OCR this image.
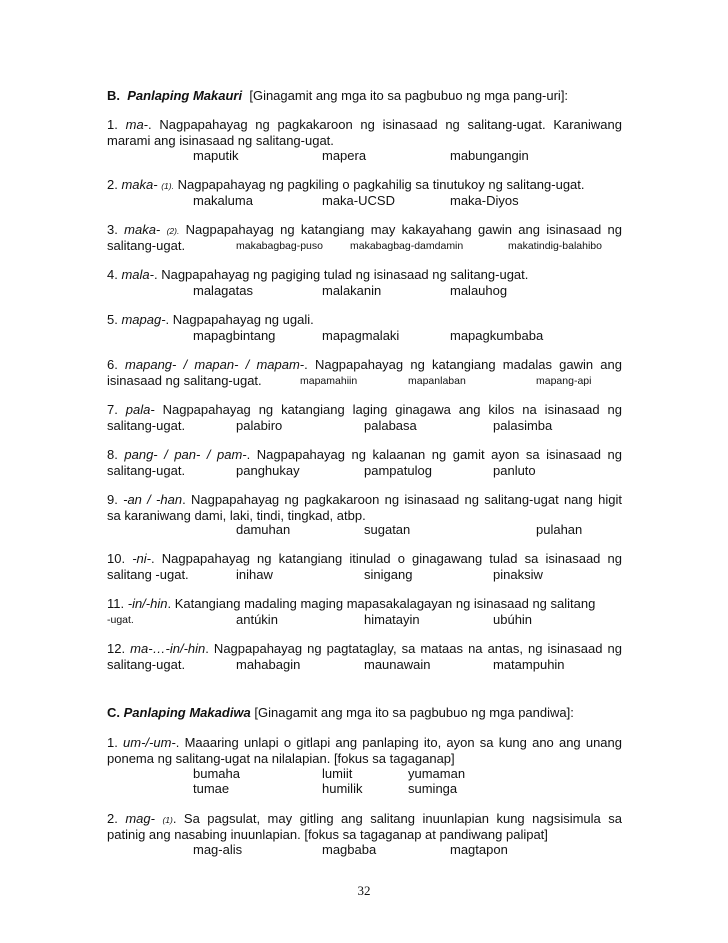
B. Panlaping Makauri [Ginagamit ang mga ito sa pagbubuo ng mga pang-uri]:
1. ma-. Nagpapahayag ng pagkakaroon ng isinasaad ng salitang-ugat. Karaniwang
marami ang isinasaad ng salitang-ugat.
maputik	mapera	mabungangin
2. maka- (1). Nagpapahayag ng pagkiling o pagkahilig sa tinutukoy ng salitang-ugat.
makaluma	maka-UCSD	maka-Diyos
3. maka- (2). Nagpapahayag ng katangiang may kakayahang gawin ang isinasaad ng
salitang-ugat.	makabagbag-puso	makabagbag-damdamin	makatindig-balahibo
4. mala-. Nagpapahayag ng pagiging tulad ng isinasaad ng salitang-ugat.
malagatas	malakanin	malauhog
5. mapag-. Nagpapahayag ng ugali.
mapagbintang	mapagmalaki	mapagkumbaba
6. mapang- / mapan- / mapam-. Nagpapahayag ng katangiang madalas gawin ang
isinasaad ng salitang-ugat.	mapamahiin	mapanlaban	mapang-api
7. pala- Nagpapahayag ng katangiang laging ginagawa ang kilos na isinasaad ng
salitang-ugat.	palabiro	palabasa	palasimba
8. pang- / pan- / pam-. Nagpapahayag ng kalaanan ng gamit ayon sa isinasaad ng
salitang-ugat.	panghukay	pampatulog	panluto
9. -an / -han. Nagpapahayag ng pagkakaroon ng isinasaad ng salitang-ugat nang higit
sa karaniwang dami, laki, tindi, tingkad, atbp.
damuhan	sugatan	pulahan
10. -ni-. Nagpapahayag ng katangiang itinulad o ginagawang tulad sa isinasaad ng
salitang -ugat.	inihaw	sinigang	pinaksiw
11. -in/-hin. Katangiang madaling maging mapasakalagayan ng isinasaad ng salitang
-ugat.	antúkin	himatayin	ubúhin
12. ma-…-in/-hin. Nagpapahayag ng pagtataglay, sa mataas na antas, ng isinasaad ng
salitang-ugat.	mahabagin	maunawain	matampuhin
C. Panlaping Makadiwa [Ginagamit ang mga ito sa pagbubuo ng mga pandiwa]:
1. um-/-um-. Maaaring unlapi o gitlapi ang panlaping ito, ayon sa kung ano ang unang
ponema ng salitang-ugat na nilalapian. [fokus sa tagaganap]
bumaha	lumiit	yumaman
tumae	humilik	suminga
2. mag- (1). Sa pagsulat, may gitling ang salitang inuunlapian kung nagsisimula sa
patinig ang nasabing inuunlapian. [fokus sa tagaganap at pandiwang palipat]
mag-alis	magbaba	magtapon
32
